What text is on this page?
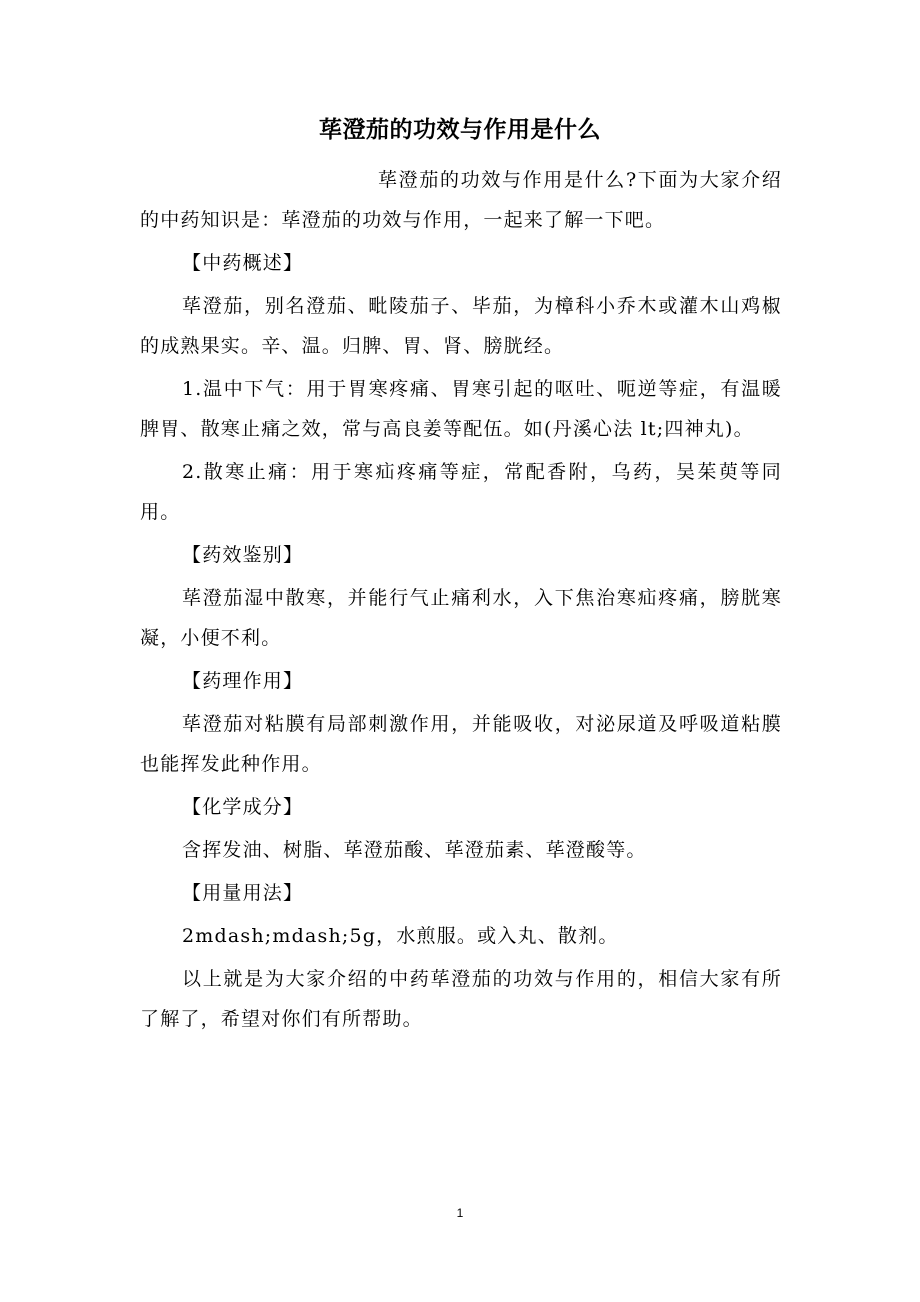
荜澄茄的功效与作用是什么

荜澄茄的功效与作用是什么?下面为大家介绍的中药知识是：荜澄茄的功效与作用，一起来了解一下吧。

【中药概述】

荜澄茄，别名澄茄、毗陵茄子、毕茄，为樟科小乔木或灌木山鸡椒的成熟果实。辛、温。归脾、胃、肾、膀胱经。

1.温中下气：用于胃寒疼痛、胃寒引起的呕吐、呃逆等症，有温暖脾胃、散寒止痛之效，常与高良姜等配伍。如(丹溪心法 lt;四神丸)。

2.散寒止痛：用于寒疝疼痛等症，常配香附，乌药，吴茱萸等同用。

【药效鉴别】

荜澄茄湿中散寒，并能行气止痛利水，入下焦治寒疝疼痛，膀胱寒凝，小便不利。

【药理作用】

荜澄茄对粘膜有局部刺激作用，并能吸收，对泌尿道及呼吸道粘膜也能挥发此种作用。

【化学成分】

含挥发油、树脂、荜澄茄酸、荜澄茄素、荜澄酸等。

【用量用法】

2mdash;mdash;5g，水煎服。或入丸、散剂。

以上就是为大家介绍的中药荜澄茄的功效与作用的，相信大家有所了解了，希望对你们有所帮助。

1
